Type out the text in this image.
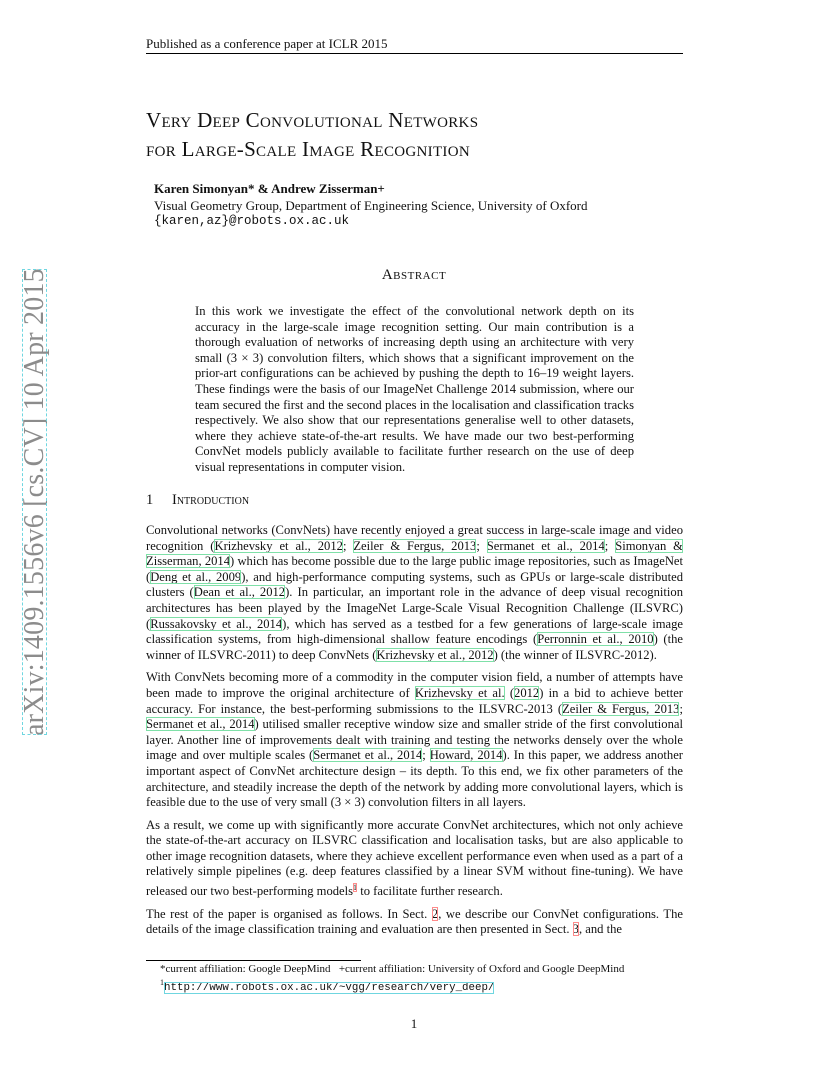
Published as a conference paper at ICLR 2015
arXiv:1409.1556v6 [cs.CV] 10 Apr 2015
Very Deep Convolutional Networks
for Large-Scale Image Recognition
Karen Simonyan* & Andrew Zisserman+
Visual Geometry Group, Department of Engineering Science, University of Oxford
{karen,az}@robots.ox.ac.uk
Abstract
In this work we investigate the effect of the convolutional network depth on its accuracy in the large-scale image recognition setting. Our main contribution is a thorough evaluation of networks of increasing depth using an architecture with very small (3 × 3) convolution filters, which shows that a significant improvement on the prior-art configurations can be achieved by pushing the depth to 16–19 weight layers. These findings were the basis of our ImageNet Challenge 2014 submission, where our team secured the first and the second places in the localisation and classification tracks respectively. We also show that our representations generalise well to other datasets, where they achieve state-of-the-art results. We have made our two best-performing ConvNet models publicly available to facilitate further research on the use of deep visual representations in computer vision.
1 Introduction

Convolutional networks (ConvNets) have recently enjoyed a great success in large-scale image and video recognition (Krizhevsky et al., 2012; Zeiler & Fergus, 2013; Sermanet et al., 2014; Simonyan & Zisserman, 2014) which has become possible due to the large public image repositories, such as ImageNet (Deng et al., 2009), and high-performance computing systems, such as GPUs or large-scale distributed clusters (Dean et al., 2012). In particular, an important role in the advance of deep visual recognition architectures has been played by the ImageNet Large-Scale Visual Recognition Challenge (ILSVRC) (Russakovsky et al., 2014), which has served as a testbed for a few generations of large-scale image classification systems, from high-dimensional shallow feature encodings (Perronnin et al., 2010) (the winner of ILSVRC-2011) to deep ConvNets (Krizhevsky et al., 2012) (the winner of ILSVRC-2012).

With ConvNets becoming more of a commodity in the computer vision field, a number of attempts have been made to improve the original architecture of Krizhevsky et al. (2012) in a bid to achieve better accuracy. For instance, the best-performing submissions to the ILSVRC-2013 (Zeiler & Fergus, 2013; Sermanet et al., 2014) utilised smaller receptive window size and smaller stride of the first convolutional layer. Another line of improvements dealt with training and testing the networks densely over the whole image and over multiple scales (Sermanet et al., 2014; Howard, 2014). In this paper, we address another important aspect of ConvNet architecture design – its depth. To this end, we fix other parameters of the architecture, and steadily increase the depth of the network by adding more convolutional layers, which is feasible due to the use of very small (3 × 3) convolution filters in all layers.

As a result, we come up with significantly more accurate ConvNet architectures, which not only achieve the state-of-the-art accuracy on ILSVRC classification and localisation tasks, but are also applicable to other image recognition datasets, where they achieve excellent performance even when used as a part of a relatively simple pipelines (e.g. deep features classified by a linear SVM without fine-tuning). We have released our two best-performing models$^1$ to facilitate further research.

The rest of the paper is organised as follows. In Sect. 2, we describe our ConvNet configurations. The details of the image classification training and evaluation are then presented in Sect. 3, and the

*current affiliation: Google DeepMind +current affiliation: University of Oxford and Google DeepMind
$^1$http://www.robots.ox.ac.uk/~vgg/research/very_deep/
1
